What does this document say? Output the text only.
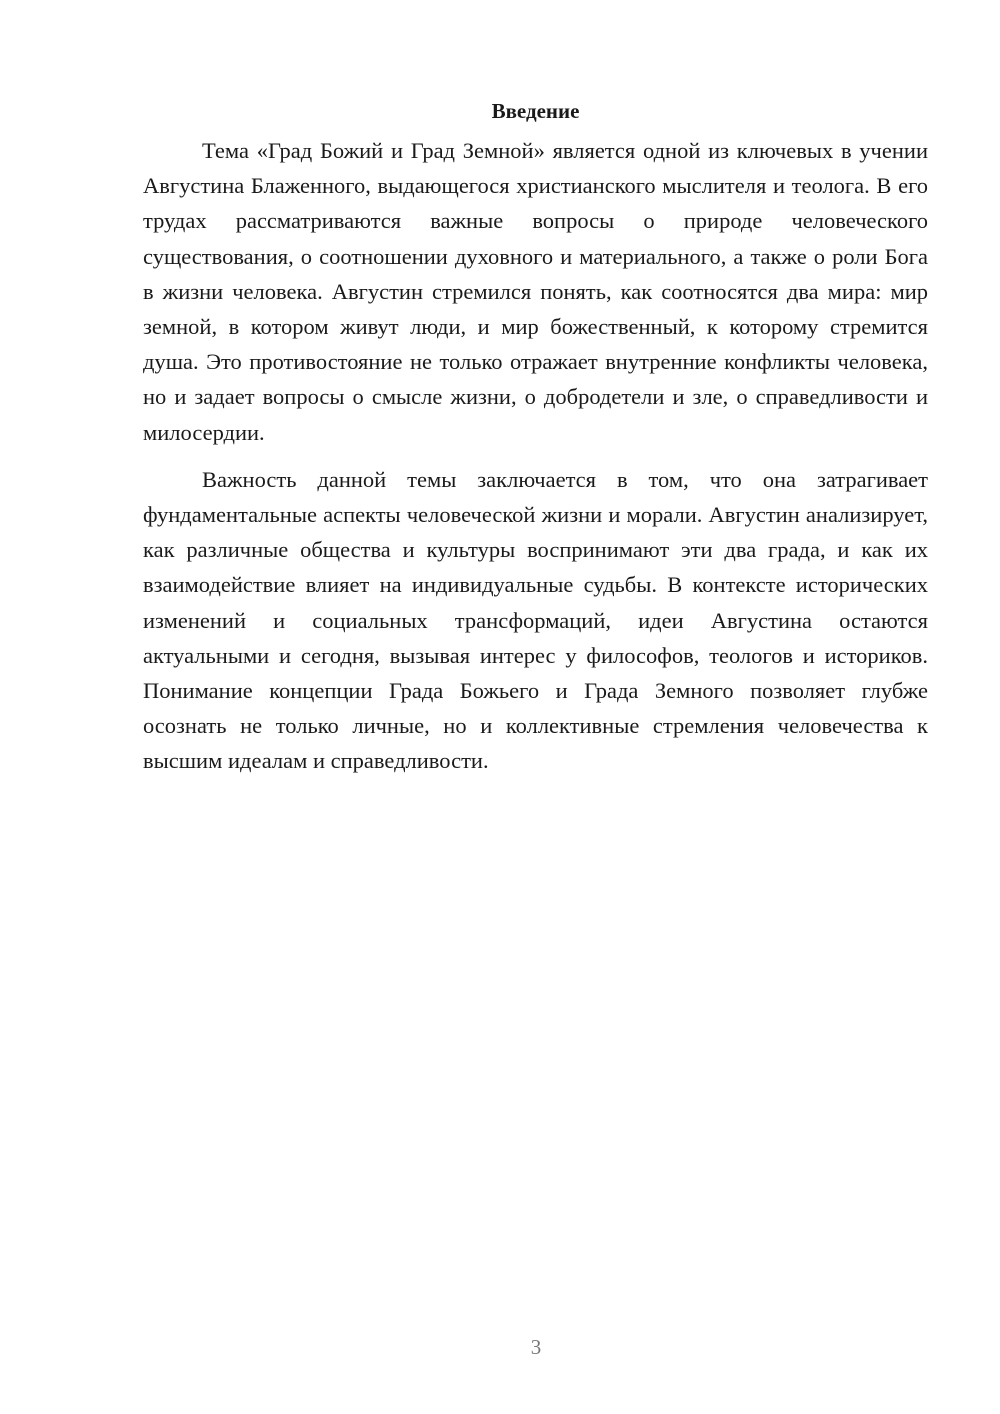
Введение

Тема «Град Божий и Град Земной» является одной из ключевых в учении Августина Блаженного, выдающегося христианского мыслителя и теолога. В его трудах рассматриваются важные вопросы о природе человеческого существования, о соотношении духовного и материального, а также о роли Бога в жизни человека. Августин стремился понять, как соотносятся два мира: мир земной, в котором живут люди, и мир божественный, к которому стремится душа. Это противостояние не только отражает внутренние конфликты человека, но и задает вопросы о смысле жизни, о добродетели и зле, о справедливости и милосердии.

Важность данной темы заключается в том, что она затрагивает фундаментальные аспекты человеческой жизни и морали. Августин анализирует, как различные общества и культуры воспринимают эти два града, и как их взаимодействие влияет на индивидуальные судьбы. В контексте исторических изменений и социальных трансформаций, идеи Августина остаются актуальными и сегодня, вызывая интерес у философов, теологов и историков. Понимание концепции Града Божьего и Града Земного позволяет глубже осознать не только личные, но и коллективные стремления человечества к высшим идеалам и справедливости.

3
